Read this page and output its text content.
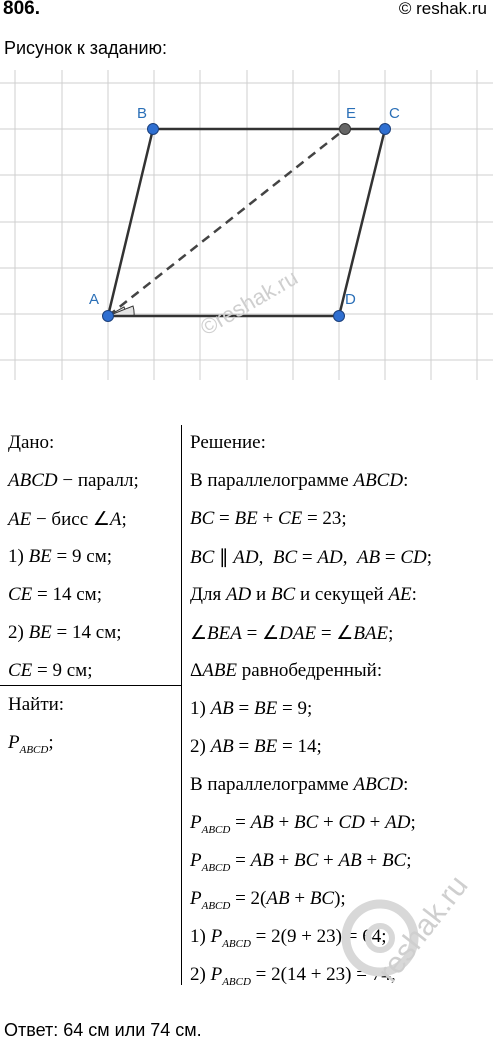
806.	© reshak.ru
Рисунок к заданию:
A
B	C
D
E
©reshak.ru
Дано:
ABCD − паралл;
AE − бисс ∠A;
1) BE = 9 см;
CE = 14 см;
2) BE = 14 см;
CE = 9 см;
Найти:
$P_{ABCD}$;
Решение:
В параллелограмме ABCD:
BC = BE + CE = 23;
BC ∥ AD,  BC = AD,  AB = CD;
Для AD и BC и секущей AE:
∠BEA = ∠DAE = ∠BAE;
ΔABE равнобедренный:
1) AB = BE = 9;
2) AB = BE = 14;
В параллелограмме ABCD:
$P_{ABCD}$ = AB + BC + CD + AD;
$P_{ABCD}$ = AB + BC + AB + BC;
$P_{ABCD} = 2(AB + BC)$;
1) $P_{ABCD} = 2(9 + 23) = 64$;
2) $P_{ABCD} = 2(14 + 23) = 74$;
reshak.ru
Ответ: 64 см или 74 см.
